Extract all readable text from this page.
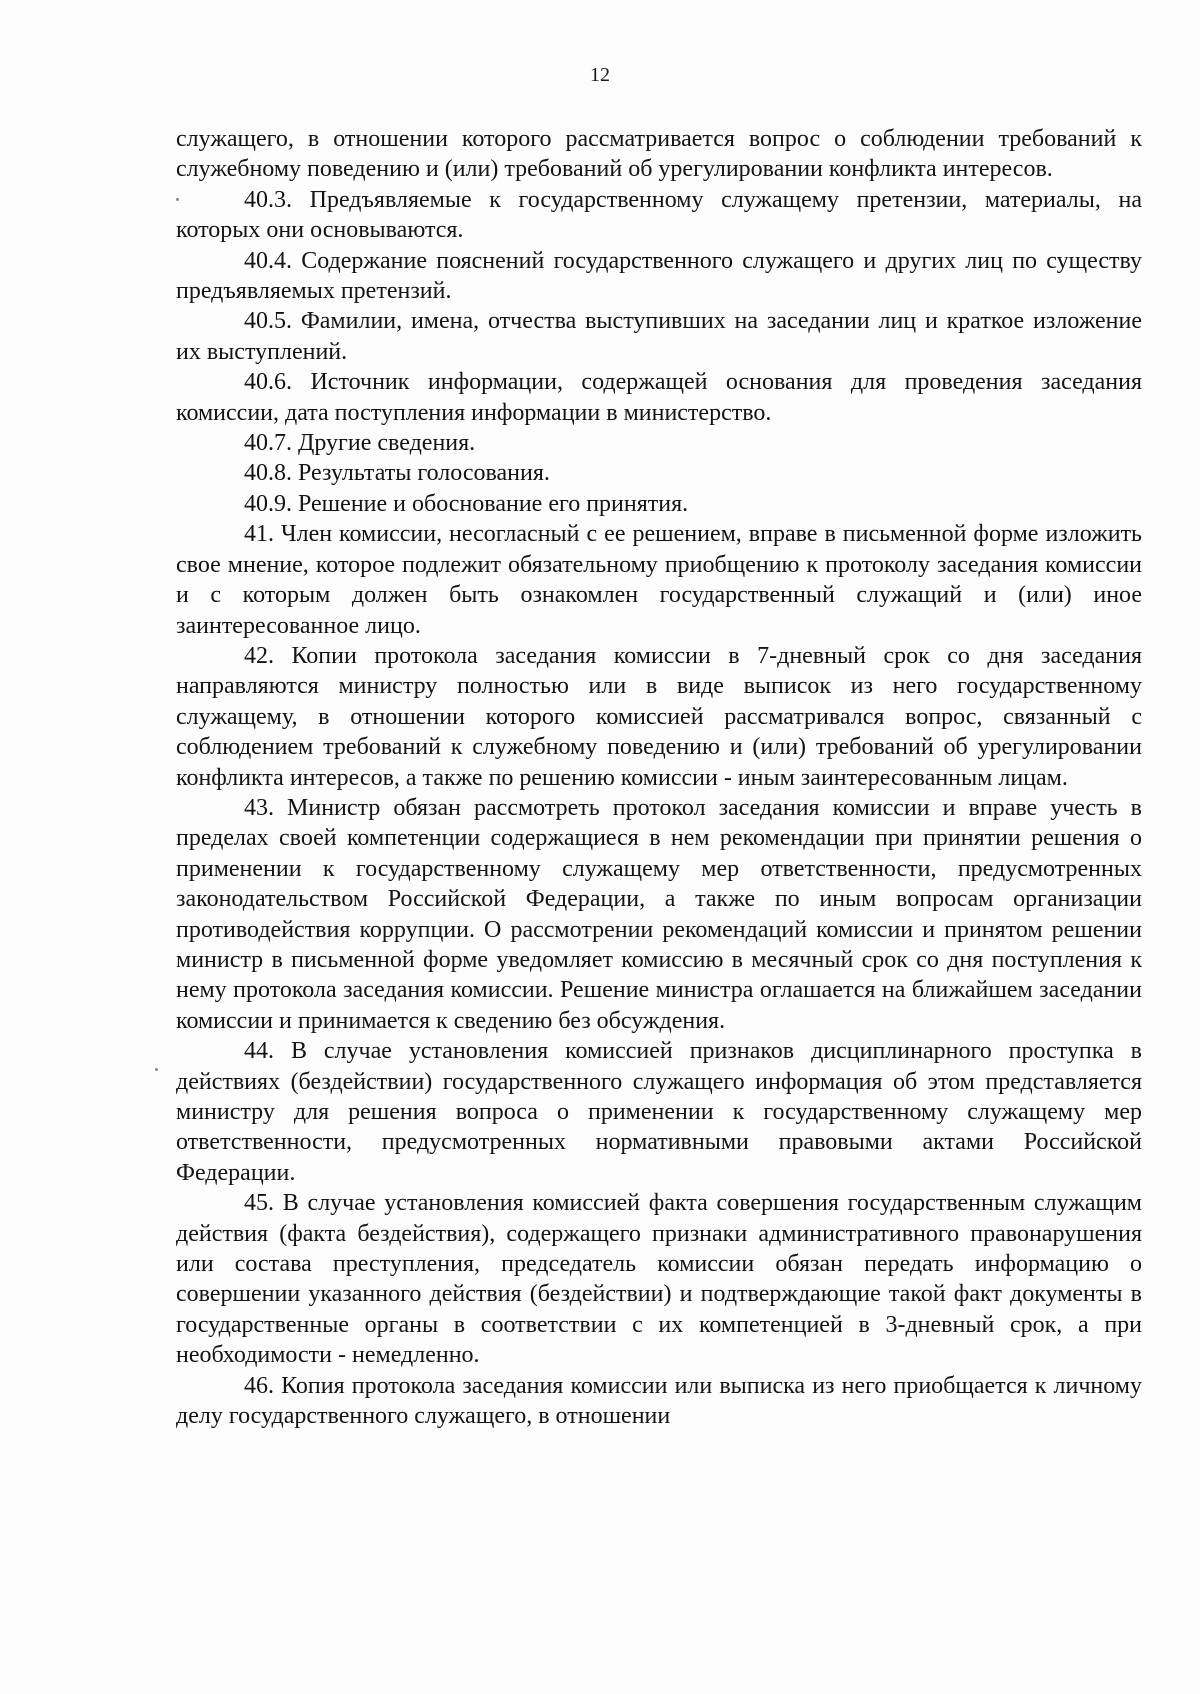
12

служащего, в отношении которого рассматривается вопрос о соблюдении требований к служебному поведению и (или) требований об урегулировании конфликта интересов.

40.3. Предъявляемые к государственному служащему претензии, материалы, на которых они основываются.

40.4. Содержание пояснений государственного служащего и других лиц по существу предъявляемых претензий.

40.5. Фамилии, имена, отчества выступивших на заседании лиц и краткое изложение их выступлений.

40.6. Источник информации, содержащей основания для проведения заседания комиссии, дата поступления информации в министерство.

40.7. Другие сведения.

40.8. Результаты голосования.

40.9. Решение и обоснование его принятия.

41. Член комиссии, несогласный с ее решением, вправе в письменной форме изложить свое мнение, которое подлежит обязательному приобщению к протоколу заседания комиссии и с которым должен быть ознакомлен государственный служащий и (или) иное заинтересованное лицо.

42. Копии протокола заседания комиссии в 7-дневный срок со дня заседания направляются министру полностью или в виде выписок из него государственному служащему, в отношении которого комиссией рассматривался вопрос, связанный с соблюдением требований к служебному поведению и (или) требований об урегулировании конфликта интересов, а также по решению комиссии - иным заинтересованным лицам.

43. Министр обязан рассмотреть протокол заседания комиссии и вправе учесть в пределах своей компетенции содержащиеся в нем рекомендации при принятии решения о применении к государственному служащему мер ответственности, предусмотренных законодательством Российской Федерации, а также по иным вопросам организации противодействия коррупции. О рассмотрении рекомендаций комиссии и принятом решении министр в письменной форме уведомляет комиссию в месячный срок со дня поступления к нему протокола заседания комиссии. Решение министра оглашается на ближайшем заседании комиссии и принимается к сведению без обсуждения.

44. В случае установления комиссией признаков дисциплинарного проступка в действиях (бездействии) государственного служащего информация об этом представляется министру для решения вопроса о применении к государственному служащему мер ответственности, предусмотренных нормативными правовыми актами Российской Федерации.

45. В случае установления комиссией факта совершения государственным служащим действия (факта бездействия), содержащего признаки административного правонарушения или состава преступления, председатель комиссии обязан передать информацию о совершении указанного действия (бездействии) и подтверждающие такой факт документы в государственные органы в соответствии с их компетенцией в 3-дневный срок, а при необходимости - немедленно.

46. Копия протокола заседания комиссии или выписка из него приобщается к личному делу государственного служащего, в отношении
